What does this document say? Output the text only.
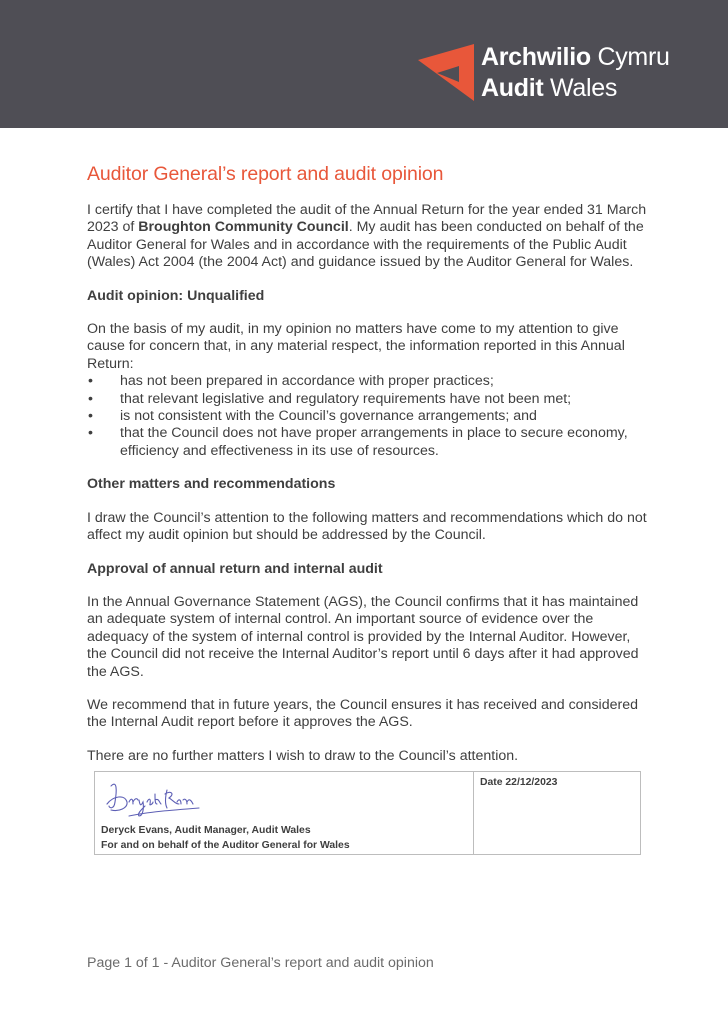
Archwilio Cymru
Audit Wales
Auditor General’s report and audit opinion

I certify that I have completed the audit of the Annual Return for the year ended 31 March 2023 of Broughton Community Council. My audit has been conducted on behalf of the Auditor General for Wales and in accordance with the requirements of the Public Audit (Wales) Act 2004 (the 2004 Act) and guidance issued by the Auditor General for Wales.

Audit opinion: Unqualified

On the basis of my audit, in my opinion no matters have come to my attention to give cause for concern that, in any material respect, the information reported in this Annual Return:

• has not been prepared in accordance with proper practices;
• that relevant legislative and regulatory requirements have not been met;
• is not consistent with the Council’s governance arrangements; and
• that the Council does not have proper arrangements in place to secure economy, efficiency and effectiveness in its use of resources.
Other matters and recommendations

I draw the Council’s attention to the following matters and recommendations which do not affect my audit opinion but should be addressed by the Council.

Approval of annual return and internal audit

In the Annual Governance Statement (AGS), the Council confirms that it has maintained an adequate system of internal control. An important source of evidence over the adequacy of the system of internal control is provided by the Internal Auditor. However, the Council did not receive the Internal Auditor’s report until 6 days after it had approved the AGS.

We recommend that in future years, the Council ensures it has received and considered the Internal Audit report before it approves the AGS.

There are no further matters I wish to draw to the Council’s attention.

Deryck Evans, Audit Manager, Audit Wales
For and on behalf of the Auditor General for Wales
Date 22/12/2023
Page 1 of 1 - Auditor General’s report and audit opinion
